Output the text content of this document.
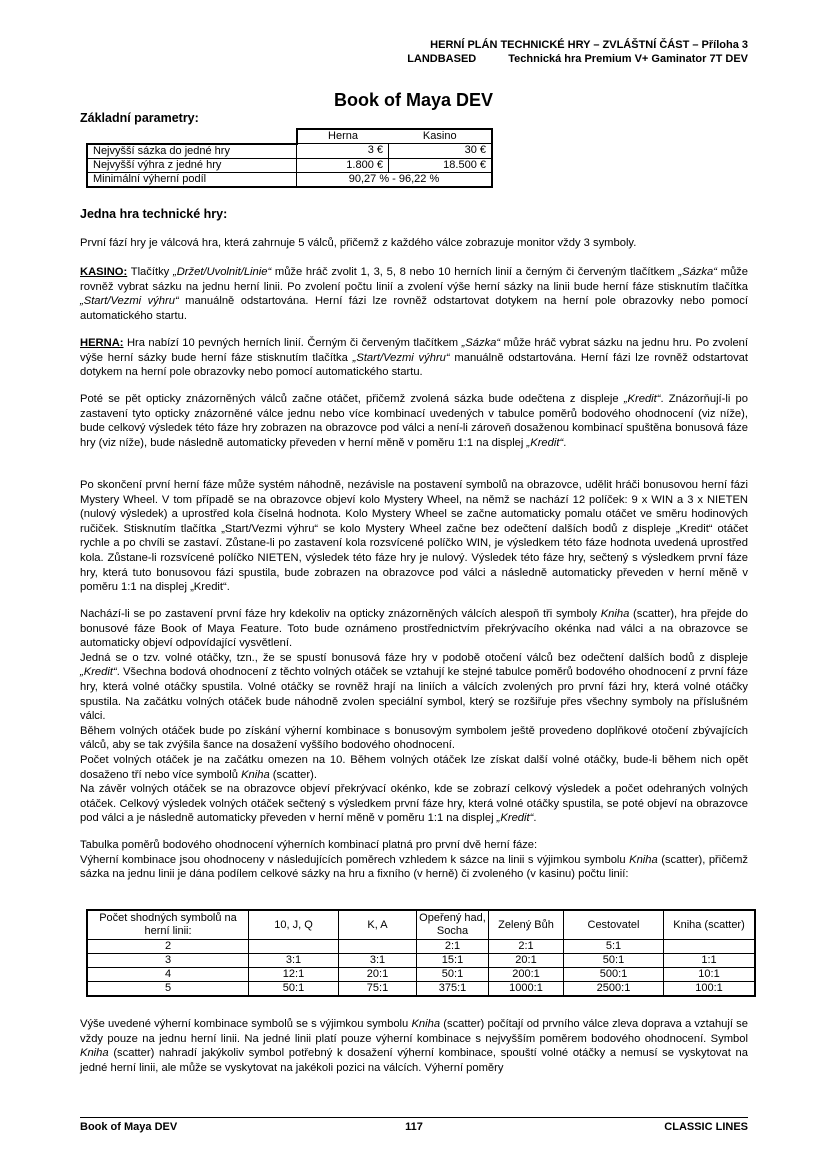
HERNÍ PLÁN TECHNICKÉ HRY – ZVLÁŠTNÍ ČÁST – Příloha 3
LANDBASED	Technická hra Premium V+ Gaminator 7T DEV
Book of Maya DEV
Základní parametry:
	Herna	Kasino
Nejvyšší sázka do jedné hry	3 €	30 €
Nejvyšší výhra z jedné hry	1.800 €	18.500 €
Minimální výherní podíl	90,27 % - 96,22 %	
Jedna hra technické hry:
První fází hry je válcová hra, která zahrnuje 5 válců, přičemž z každého válce zobrazuje monitor vždy 3 symboly.
KASINO: Tlačítky „Držet/Uvolnit/Linie“ může hráč zvolit 1, 3, 5, 8 nebo 10 herních linií a černým či červeným tlačítkem „Sázka“ může rovněž vybrat sázku na jednu herní linii. Po zvolení počtu linií a zvolení výše herní sázky na linii bude herní fáze stisknutím tlačítka „Start/Vezmi výhru“ manuálně odstartována. Herní fázi lze rovněž odstartovat dotykem na herní pole obrazovky nebo pomocí automatického startu.
HERNA: Hra nabízí 10 pevných herních linií. Černým či červeným tlačítkem „Sázka“ může hráč vybrat sázku na jednu hru. Po zvolení výše herní sázky bude herní fáze stisknutím tlačítka „Start/Vezmi výhru“ manuálně odstartována. Herní fázi lze rovněž odstartovat dotykem na herní pole obrazovky nebo pomocí automatického startu.
Poté se pět opticky znázorněných válců začne otáčet, přičemž zvolená sázka bude odečtena z displeje „Kredit“. Znázorňují-li po zastavení tyto opticky znázorněné válce jednu nebo více kombinací uvedených v tabulce poměrů bodového ohodnocení (viz níže), bude celkový výsledek této fáze hry zobrazen na obrazovce pod válci a není-li zároveň dosaženou kombinací spuštěna bonusová fáze hry (viz níže), bude následně automaticky převeden v herní měně v poměru 1:1 na displej „Kredit“.
Po skončení první herní fáze může systém náhodně, nezávisle na postavení symbolů na obrazovce, udělit hráči bonusovou herní fázi Mystery Wheel. V tom případě se na obrazovce objeví kolo Mystery Wheel, na němž se nachází 12 políček: 9 x WIN a 3 x NIETEN (nulový výsledek) a uprostřed kola číselná hodnota. Kolo Mystery Wheel se začne automaticky pomalu otáčet ve směru hodinových ručiček. Stisknutím tlačítka „Start/Vezmi výhru“ se kolo Mystery Wheel začne bez odečtení dalších bodů z displeje „Kredit“ otáčet rychle a po chvíli se zastaví. Zůstane-li po zastavení kola rozsvícené políčko WIN, je výsledkem této fáze hodnota uvedená uprostřed kola. Zůstane-li rozsvícené políčko NIETEN, výsledek této fáze hry je nulový. Výsledek této fáze hry, sečtený s výsledkem první fáze hry, která tuto bonusovou fázi spustila, bude zobrazen na obrazovce pod válci a následně automaticky převeden v herní měně v poměru 1:1 na displej „Kredit“.
Nachází-li se po zastavení první fáze hry kdekoliv na opticky znázorněných válcích alespoň tři symboly Kniha (scatter), hra přejde do bonusové fáze Book of Maya Feature. Toto bude oznámeno prostřednictvím překrývacího okénka nad válci a na obrazovce se automaticky objeví odpovídající vysvětlení.
Jedná se o tzv. volné otáčky, tzn., že se spustí bonusová fáze hry v podobě otočení válců bez odečtení dalších bodů z displeje „Kredit“. Všechna bodová ohodnocení z těchto volných otáček se vztahují ke stejné tabulce poměrů bodového ohodnocení z první fáze hry, která volné otáčky spustila. Volné otáčky se rovněž hrají na liniích a válcích zvolených pro první fázi hry, která volné otáčky spustila. Na začátku volných otáček bude náhodně zvolen speciální symbol, který se rozšiřuje přes všechny symboly na příslušném válci.
Během volných otáček bude po získání výherní kombinace s bonusovým symbolem ještě provedeno doplňkové otočení zbývajících válců, aby se tak zvýšila šance na dosažení vyššího bodového ohodnocení.
Počet volných otáček je na začátku omezen na 10. Během volných otáček lze získat další volné otáčky, bude-li během nich opět dosaženo tří nebo více symbolů Kniha (scatter).
Na závěr volných otáček se na obrazovce objeví překrývací okénko, kde se zobrazí celkový výsledek a počet odehraných volných otáček. Celkový výsledek volných otáček sečtený s výsledkem první fáze hry, která volné otáčky spustila, se poté objeví na obrazovce pod válci a je následně automaticky převeden v herní měně v poměru 1:1 na displej „Kredit“.
Tabulka poměrů bodového ohodnocení výherních kombinací platná pro první dvě herní fáze:
Výherní kombinace jsou ohodnoceny v následujících poměrech vzhledem k sázce na linii s výjimkou symbolu Kniha (scatter), přičemž sázka na jednu linii je dána podílem celkové sázky na hru a fixního (v herně) či zvoleného (v kasinu) počtu linií:
Počet shodných symbolů na herní linii:	10, J, Q	K, A	Opeřený had, Socha	Zelený Bůh	Cestovatel	Kniha (scatter)
2			2:1	2:1	5:1	
3	3:1	3:1	15:1	20:1	50:1	1:1
4	12:1	20:1	50:1	200:1	500:1	10:1
5	50:1	75:1	375:1	1000:1	2500:1	100:1
Výše uvedené výherní kombinace symbolů se s výjimkou symbolu Kniha (scatter) počítají od prvního válce zleva doprava a vztahují se vždy pouze na jednu herní linii. Na jedné linii platí pouze výherní kombinace s nejvyšším poměrem bodového ohodnocení. Symbol Kniha (scatter) nahradí jakýkoliv symbol potřebný k dosažení výherní kombinace, spouští volné otáčky a nemusí se vyskytovat na jedné herní linii, ale může se vyskytovat na jakékoli pozici na válcích. Výherní poměry
Book of Maya DEV	117	CLASSIC LINES
